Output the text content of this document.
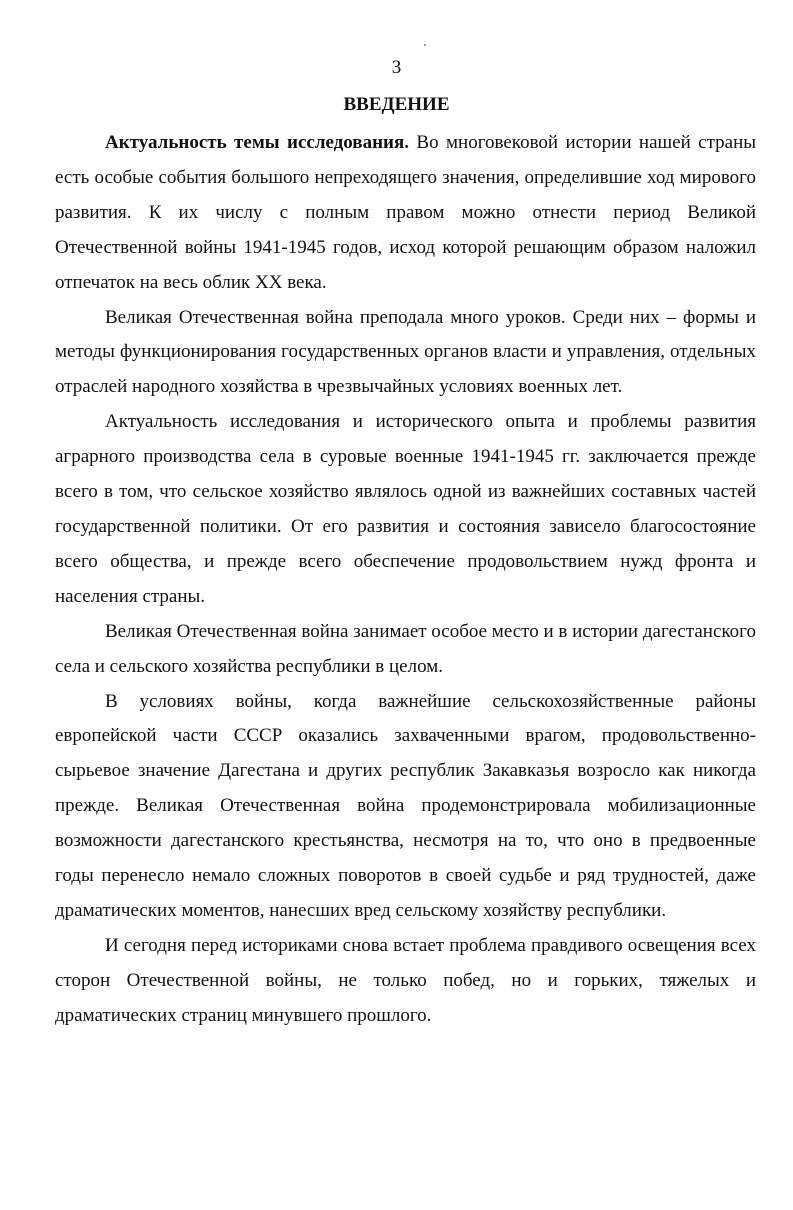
3
ВВЕДЕНИЕ

Актуальность темы исследования. Во многовековой истории нашей страны есть особые события большого непреходящего значения, определившие ход мирового развития. К их числу с полным правом можно отнести период Великой Отечественной войны 1941-1945 годов, исход которой решающим образом наложил отпечаток на весь облик XX века.

Великая Отечественная война преподала много уроков. Среди них – формы и методы функционирования государственных органов власти и управления, отдельных отраслей народного хозяйства в чрезвычайных условиях военных лет.

Актуальность исследования и исторического опыта и проблемы развития аграрного производства села в суровые военные 1941-1945 гг. заключается прежде всего в том, что сельское хозяйство являлось одной из важнейших составных частей государственной политики. От его развития и состояния зависело благосостояние всего общества, и прежде всего обеспечение продовольствием нужд фронта и населения страны.

Великая Отечественная война занимает особое место и в истории дагестанского села и сельского хозяйства республики в целом.

В условиях войны, когда важнейшие сельскохозяйственные районы европейской части СССР оказались захваченными врагом, продовольственно-сырьевое значение Дагестана и других республик Закавказья возросло как никогда прежде. Великая Отечественная война продемонстрировала мобилизационные возможности дагестанского крестьянства, несмотря на то, что оно в предвоенные годы перенесло немало сложных поворотов в своей судьбе и ряд трудностей, даже драматических моментов, нанесших вред сельскому хозяйству республики.

И сегодня перед историками снова встает проблема правдивого освещения всех сторон Отечественной войны, не только побед, но и горьких, тяжелых и драматических страниц минувшего прошлого.
